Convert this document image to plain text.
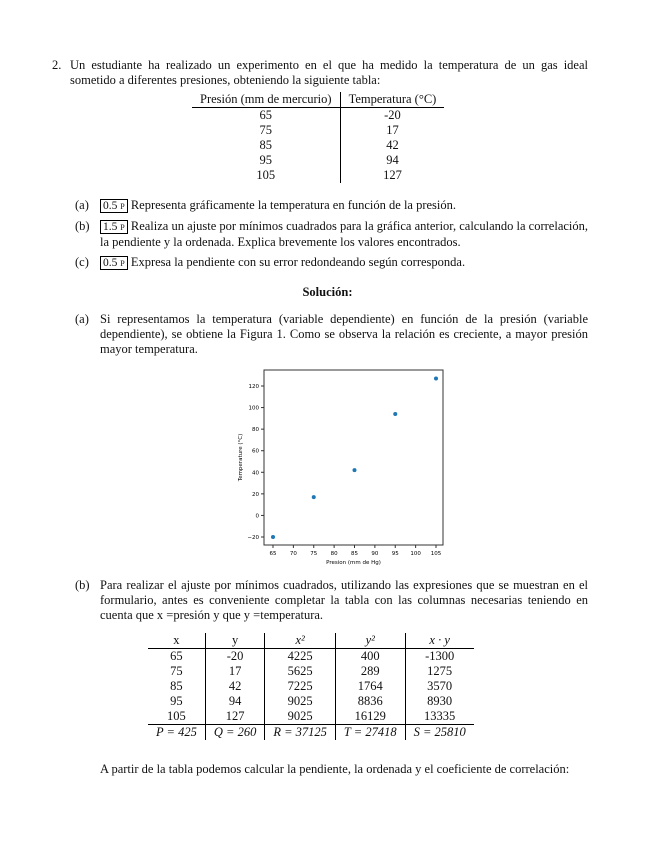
2. Un estudiante ha realizado un experimento en el que ha medido la temperatura de un gas ideal sometido a diferentes presiones, obteniendo la siguiente tabla:
Presión (mm de mercurio)	Temperatura (°C)
65	-20
75	17
85	42
95	94
105	127
(a)	0.5 p Representa gráficamente la temperatura en función de la presión.
(b)	1.5 p Realiza un ajuste por mínimos cuadrados para la gráfica anterior, calculando la correlación, la pendiente y la ordenada. Explica brevemente los valores encontrados.
(c)	0.5 p Expresa la pendiente con su error redondeando según corresponda.
Solución:
(a) Si representamos la temperatura (variable dependiente) en función de la presión (variable dependiente), se obtiene la Figura 1. Como se observa la relación es creciente, a mayor presión mayor temperatura.
65 70 75 80 85 90 95 100 105
−20
0
20
40
60
80
100
120
Presion (mm de Hg)
Temperature (°C)
(b) Para realizar el ajuste por mínimos cuadrados, utilizando las expresiones que se muestran en el formulario, antes es conveniente completar la tabla con las columnas necesarias teniendo en cuenta que x =presión y que y =temperatura.
x	y	x²	y²	x · y
65	-20	4225	400	-1300
75	17	5625	289	1275
85	42	7225	1764	3570
95	94	9025	8836	8930
105	127	9025	16129	13335
P = 425	Q = 260	R = 37125	T = 27418	S = 25810
A partir de la tabla podemos calcular la pendiente, la ordenada y el coeficiente de correlación:
